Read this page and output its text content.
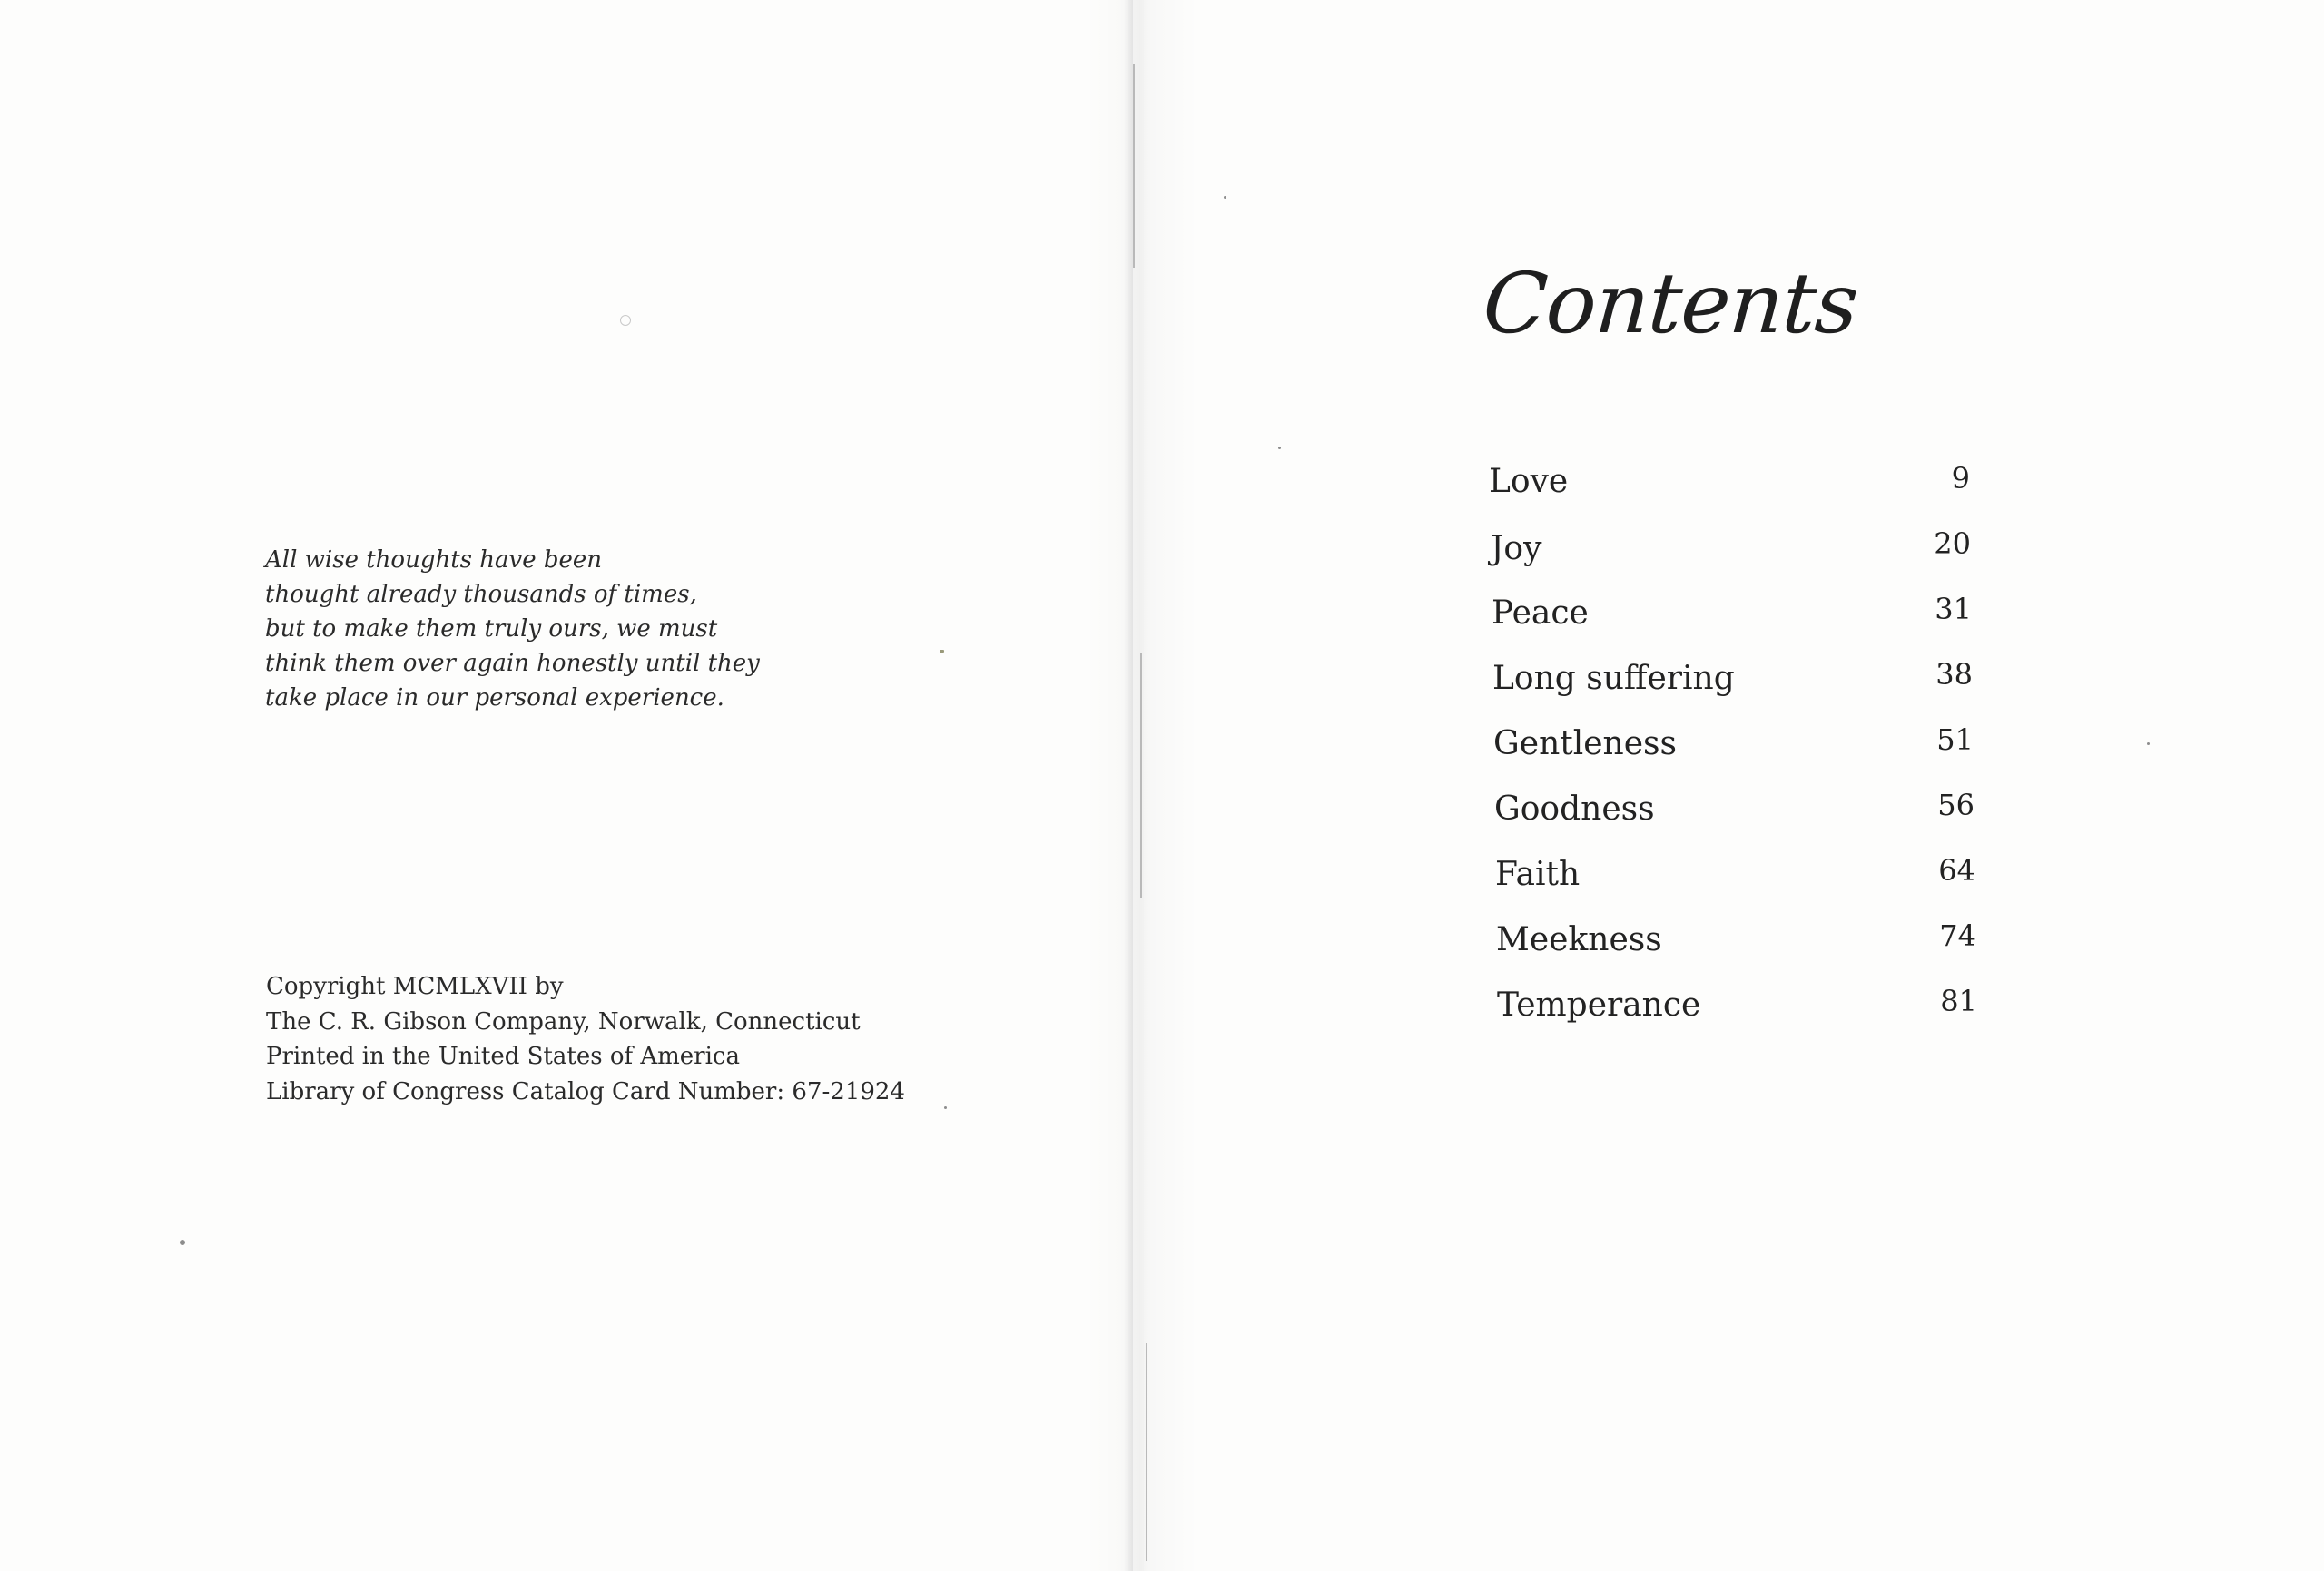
All wise thoughts have been
thought already thousands of times,
but to make them truly ours, we must
think them over again honestly until they
take place in our personal experience.
Copyright MCMLXVII by
The C. R. Gibson Company, Norwalk, Connecticut
Printed in the United States of America
Library of Congress Catalog Card Number: 67-21924
Contents
Love	9
Joy	20
Peace	31
Long suffering	38
Gentleness	51
Goodness	56
Faith	64
Meekness	74
Temperance	81
